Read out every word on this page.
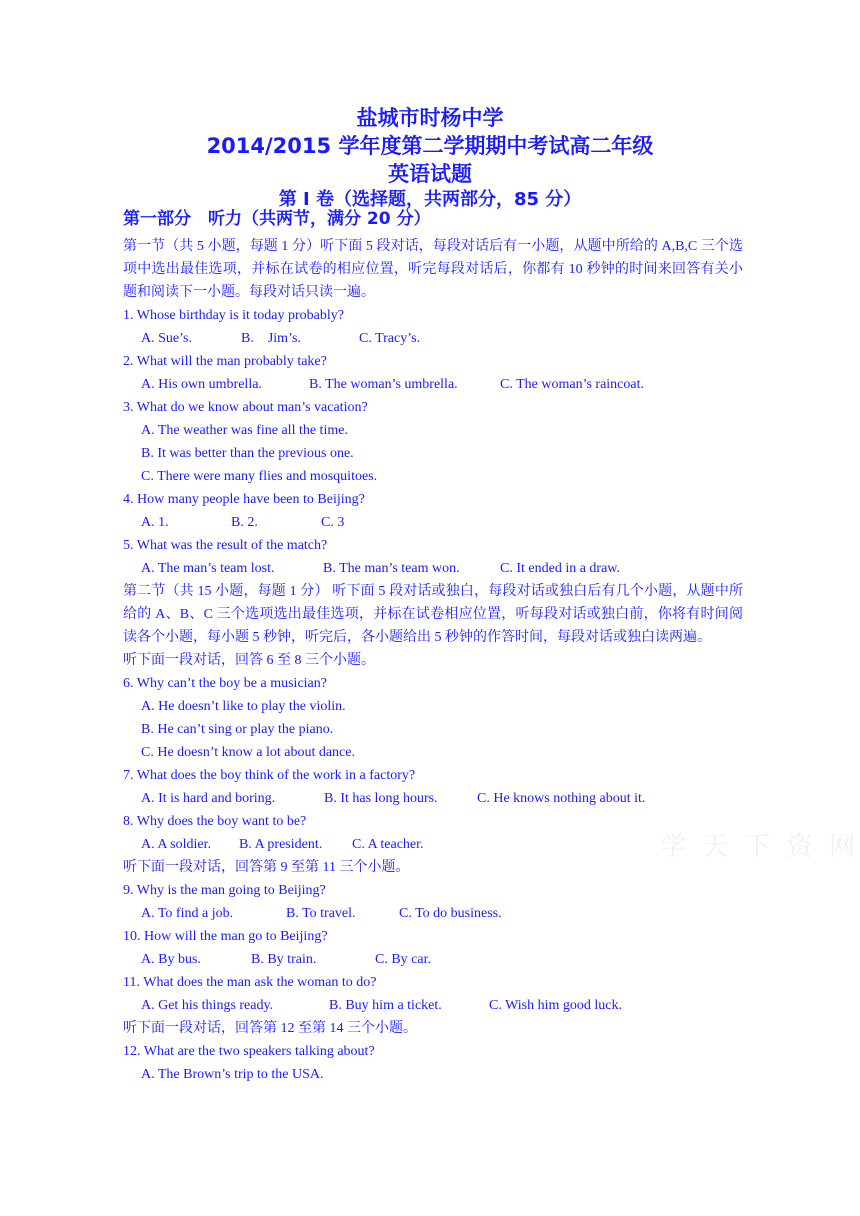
盐城市时杨中学
2014/2015 学年度第二学期期中考试高二年级
英语试题
第 I 卷（选择题，共两部分，85 分）
第一部分　听力（共两节，满分 20 分）
第一节（共 5 小题，每题 1 分）听下面 5 段对话，每段对话后有一小题，从题中所给的 A,B,C 三个选项中选出最佳选项，并标在试卷的相应位置，听完每段对话后，你都有 10 秒钟的时间来回答有关小题和阅读下一小题。每段对话只读一遍。
1. Whose birthday is it today probably?
A. Sue’s.	B.　Jim’s.	C. Tracy’s.
2. What will the man probably take?
A. His own umbrella.	B. The woman’s umbrella.	C. The woman’s raincoat.
3. What do we know about man’s vacation?
A. The weather was fine all the time.
B. It was better than the previous one.
C. There were many flies and mosquitoes.
4. How many people have been to Beijing?
A. 1.	B. 2.	C. 3
5. What was the result of the match?
A. The man’s team lost.	B. The man’s team won.	C. It ended in a draw.
第二节（共 15 小题，每题 1 分） 听下面 5 段对话或独白，每段对话或独白后有几个小题，从题中所给的 A、B、C 三个选项选出最佳选项，并标在试卷相应位置，听每段对话或独白前，你将有时间阅读各个小题，每小题 5 秒钟，听完后，各小题给出 5 秒钟的作答时间，每段对话或独白读两遍。
听下面一段对话，回答 6 至 8 三个小题。
6. Why can’t the boy be a musician?
A. He doesn’t like to play the violin.
B. He can’t sing or play the piano.
C. He doesn’t know a lot about dance.
7. What does the boy think of the work in a factory?
A. It is hard and boring.	B. It has long hours.	C. He knows nothing about it.
8. Why does the boy want to be?
A. A soldier. B. A president. C. A teacher.
听下面一段对话，回答第 9 至第 11 三个小题。
9. Why is the man going to Beijing?
A. To find a job.	B. To travel.	C. To do business.
10. How will the man go to Beijing?
A. By bus.	B. By train.	C. By car.
11. What does the man ask the woman to do?
A. Get his things ready.	B. Buy him a ticket.	C. Wish him good luck.
听下面一段对话，回答第 12 至第 14 三个小题。
12. What are the two speakers talking about?
A. The Brown’s trip to the USA.
学 天 下 资 网
